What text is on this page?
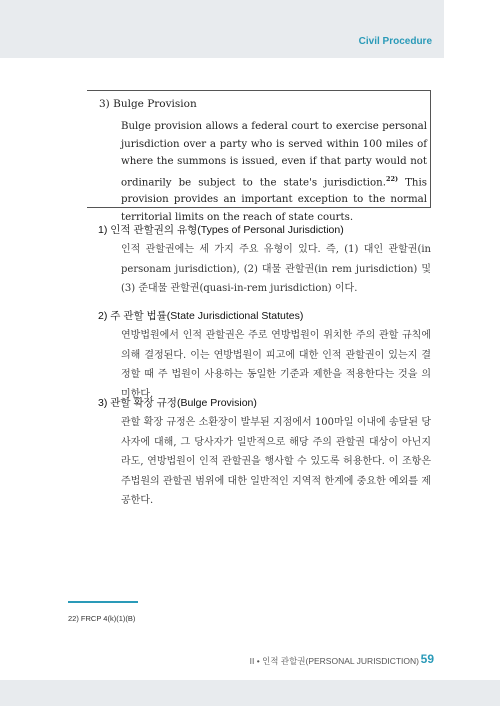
Civil Procedure
3) Bulge Provision
Bulge provision allows a federal court to exercise personal jurisdiction over a party who is served within 100 miles of where the summons is issued, even if that party would not ordinarily be subject to the state's jurisdiction.$^{22)}$ This provision provides an important exception to the normal territorial limits on the reach of state courts.
1) 인적 관할권의 유형(Types of Personal Jurisdiction)
인적 관할권에는 세 가지 주요 유형이 있다. 즉, (1) 대인 관할권(in personam jurisdiction), (2) 대물 관할권(in rem jurisdiction) 및 (3) 준대물 관할권(quasi-in-rem jurisdiction) 이다.
2) 주 관할 법률(State Jurisdictional Statutes)
연방법원에서 인적 관할권은 주로 연방법원이 위치한 주의 관할 규칙에 의해 결정된다. 이는 연방법원이 피고에 대한 인적 관할권이 있는지 결정할 때 주 법원이 사용하는 동일한 기준과 제한을 적용한다는 것을 의미한다.
3) 관할 확장 규정(Bulge Provision)
관할 확장 규정은 소환장이 발부된 지점에서 100마일 이내에 송달된 당사자에 대해, 그 당사자가 일반적으로 해당 주의 관할권 대상이 아닌지라도, 연방법원이 인적 관할권을 행사할 수 있도록 허용한다. 이 조항은 주법원의 관할권 범위에 대한 일반적인 지역적 한계에 중요한 예외를 제공한다.
22) FRCP 4(k)(1)(B)
II • 인적 관할권(PERSONAL JURISDICTION) 59
